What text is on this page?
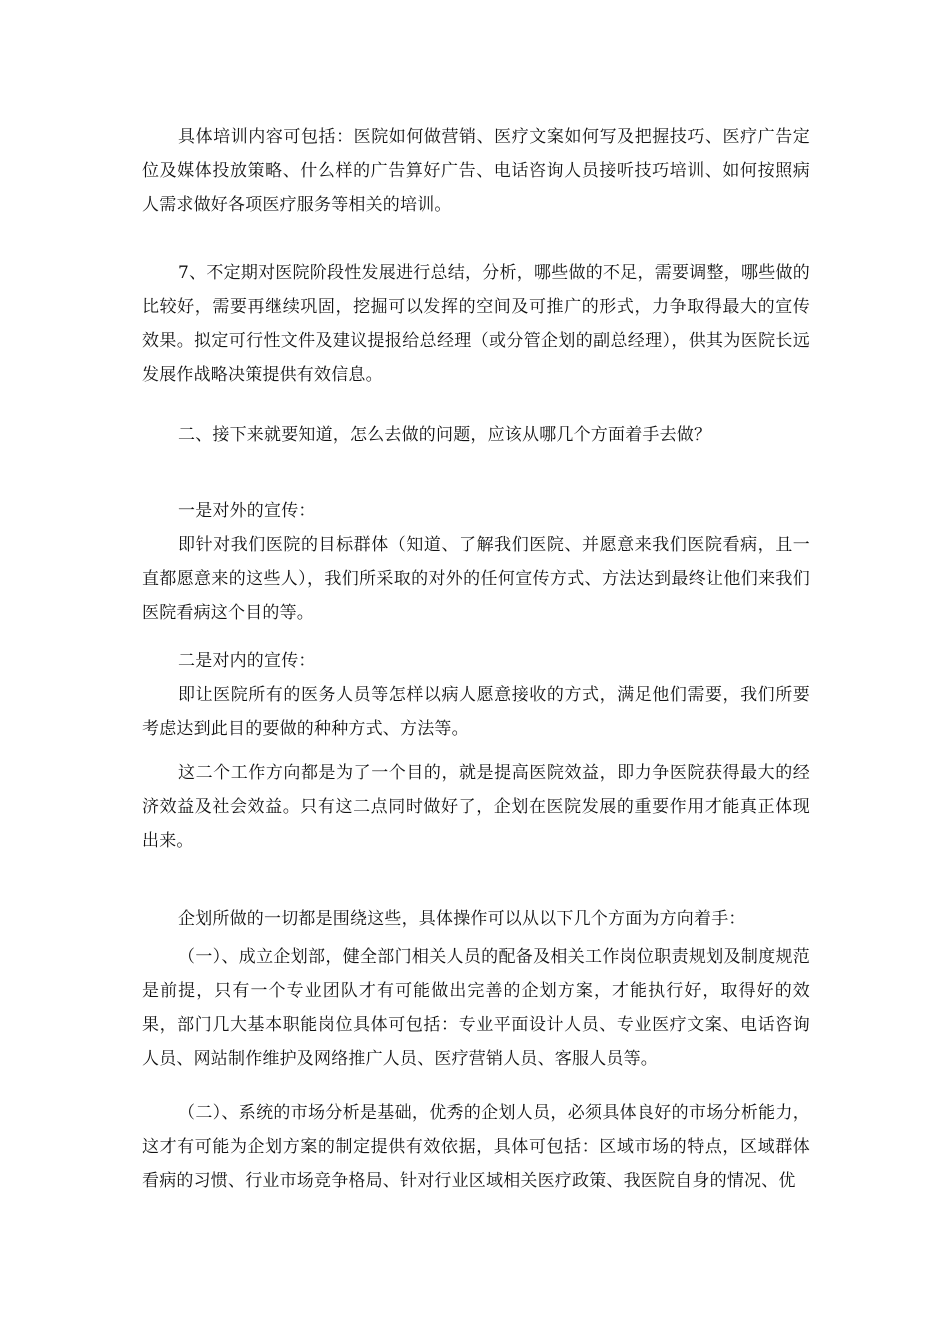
具体培训内容可包括：医院如何做营销、医疗文案如何写及把握技巧、医疗广告定位及媒体投放策略、什么样的广告算好广告、电话咨询人员接听技巧培训、如何按照病人需求做好各项医疗服务等相关的培训。

7、不定期对医院阶段性发展进行总结，分析，哪些做的不足，需要调整，哪些做的比较好，需要再继续巩固，挖掘可以发挥的空间及可推广的形式，力争取得最大的宣传效果。拟定可行性文件及建议提报给总经理（或分管企划的副总经理），供其为医院长远发展作战略决策提供有效信息。

二、接下来就要知道，怎么去做的问题，应该从哪几个方面着手去做？

一是对外的宣传：

即针对我们医院的目标群体（知道、了解我们医院、并愿意来我们医院看病，且一直都愿意来的这些人），我们所采取的对外的任何宣传方式、方法达到最终让他们来我们医院看病这个目的等。

二是对内的宣传：

即让医院所有的医务人员等怎样以病人愿意接收的方式，满足他们需要，我们所要考虑达到此目的要做的种种方式、方法等。

这二个工作方向都是为了一个目的，就是提高医院效益，即力争医院获得最大的经济效益及社会效益。只有这二点同时做好了，企划在医院发展的重要作用才能真正体现出来。

企划所做的一切都是围绕这些，具体操作可以从以下几个方面为方向着手：

（一）、成立企划部，健全部门相关人员的配备及相关工作岗位职责规划及制度规范是前提，只有一个专业团队才有可能做出完善的企划方案，才能执行好，取得好的效果，部门几大基本职能岗位具体可包括：专业平面设计人员、专业医疗文案、电话咨询人员、网站制作维护及网络推广人员、医疗营销人员、客服人员等。

（二）、系统的市场分析是基础，优秀的企划人员，必须具体良好的市场分析能力，这才有可能为企划方案的制定提供有效依据，具体可包括：区域市场的特点，区域群体看病的习惯、行业市场竞争格局、针对行业区域相关医疗政策、我医院自身的情况、优
